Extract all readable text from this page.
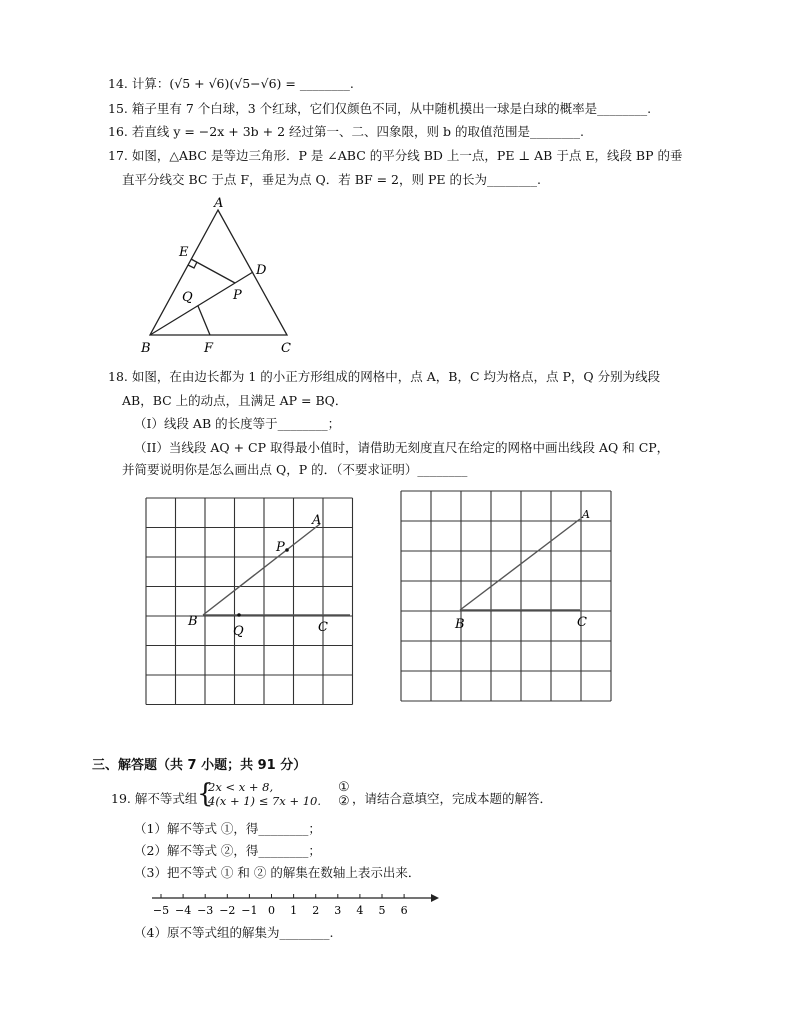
14. 计算：(√5 + √6)(√5−√6) = ________.
15. 箱子里有 7 个白球，3 个红球，它们仅颜色不同，从中随机摸出一球是白球的概率是________.
16. 若直线 y = −2x + 3b + 2 经过第一、二、四象限，则 b 的取值范围是________.
17. 如图，△ABC 是等边三角形．P 是 ∠ABC 的平分线 BD 上一点，PE ⊥ AB 于点 E，线段 BP 的垂
直平分线交 BC 于点 F，垂足为点 Q．若 BF = 2，则 PE 的长为________.
A
B	C
D
E
F
P
Q
18. 如图，在由边长都为 1 的小正方形组成的网格中，点 A，B，C 均为格点，点 P，Q 分别为线段
AB，BC 上的动点，且满足 AP = BQ．
（I）线段 AB 的长度等于________；
（II）当线段 AQ + CP 取得最小值时，请借助无刻度直尺在给定的网格中画出线段 AQ 和 CP，
并简要说明你是怎么画出点 Q，P 的．（不要求证明）________
A
B	C
P
Q
A
B	C
三、解答题（共 7 小题；共 91 分）
19. 解不等式组 {
2x < x + 8,
4(x + 1) ≤ 7x + 10.
①
② ，请结合意填空，完成本题的解答．
（1）解不等式 ①，得________；
（2）解不等式 ②，得________；
（3）把不等式 ① 和 ② 的解集在数轴上表示出来．
−5 −4 −3 −2 −1 0 1 2 3 4 5 6
（4）原不等式组的解集为________.
